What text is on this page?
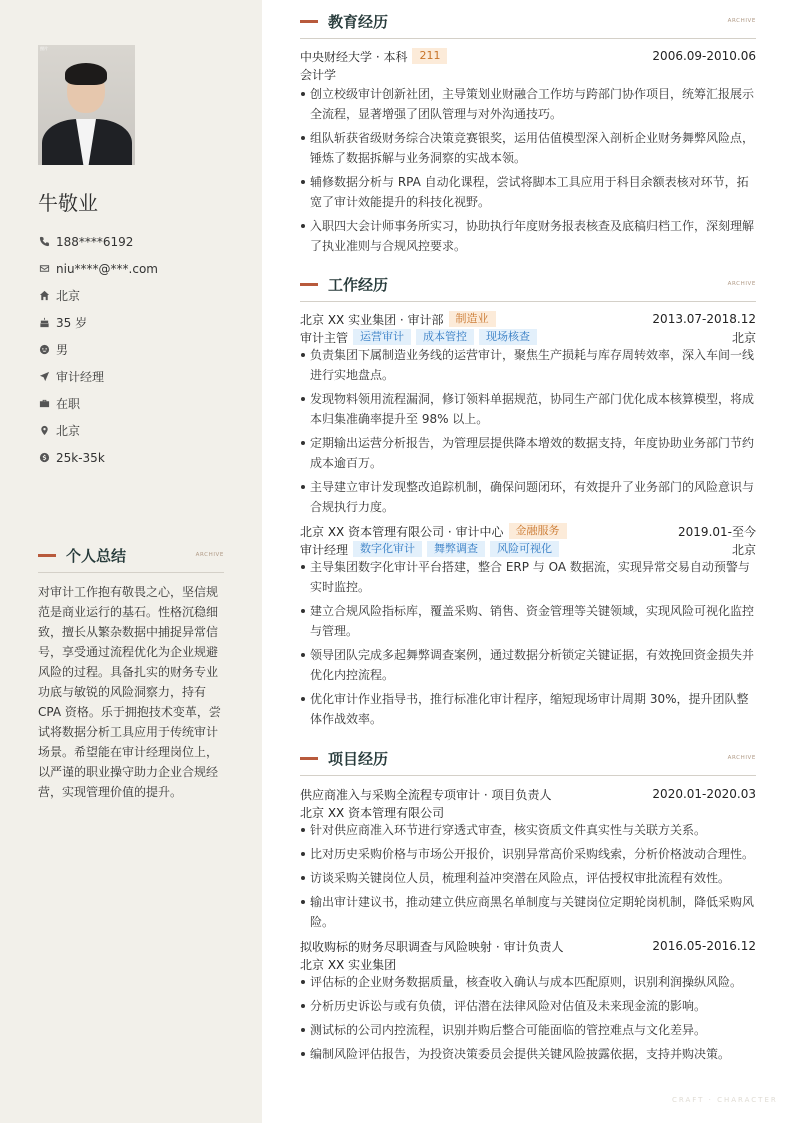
照片
牛敬业
188****6192
niu****@***.com
北京
35 岁
男
审计经理
在职
北京
25k-35k
个人总结	ARCHIVE
对审计工作抱有敬畏之心，坚信规范是商业运行的基石。性格沉稳细致，擅长从繁杂数据中捕捉异常信号，享受通过流程优化为企业规避风险的过程。具备扎实的财务专业功底与敏锐的风险洞察力，持有 CPA 资格。乐于拥抱技术变革，尝试将数据分析工具应用于传统审计场景。希望能在审计经理岗位上，以严谨的职业操守助力企业合规经营，实现管理价值的提升。
教育经历	ARCHIVE
中央财经大学 · 本科	211	2006.09-2010.06
会计学
创立校级审计创新社团，主导策划业财融合工作坊与跨部门协作项目，统筹汇报展示全流程，显著增强了团队管理与对外沟通技巧。
组队斩获省级财务综合决策竞赛银奖，运用估值模型深入剖析企业财务舞弊风险点，锤炼了数据拆解与业务洞察的实战本领。
辅修数据分析与 RPA 自动化课程，尝试将脚本工具应用于科目余额表核对环节，拓宽了审计效能提升的科技化视野。
入职四大会计师事务所实习，协助执行年度财务报表核查及底稿归档工作，深刻理解了执业准则与合规风控要求。
工作经历	ARCHIVE
北京 XX 实业集团 · 审计部	制造业	2013.07-2018.12
审计主管	运营审计	成本管控	现场核查	北京
负责集团下属制造业务线的运营审计，聚焦生产损耗与库存周转效率，深入车间一线进行实地盘点。
发现物料领用流程漏洞，修订领料单据规范，协同生产部门优化成本核算模型，将成本归集准确率提升至 98% 以上。
定期输出运营分析报告，为管理层提供降本增效的数据支持，年度协助业务部门节约成本逾百万。
主导建立审计发现整改追踪机制，确保问题闭环，有效提升了业务部门的风险意识与合规执行力度。
北京 XX 资本管理有限公司 · 审计中心	金融服务	2019.01-至今
审计经理	数字化审计	舞弊调查	风险可视化	北京
主导集团数字化审计平台搭建，整合 ERP 与 OA 数据流，实现异常交易自动预警与实时监控。
建立合规风险指标库，覆盖采购、销售、资金管理等关键领域，实现风险可视化监控与管理。
领导团队完成多起舞弊调查案例，通过数据分析锁定关键证据，有效挽回资金损失并优化内控流程。
优化审计作业指导书，推行标准化审计程序，缩短现场审计周期 30%，提升团队整体作战效率。
项目经历	ARCHIVE
供应商准入与采购全流程专项审计 · 项目负责人	2020.01-2020.03
北京 XX 资本管理有限公司
针对供应商准入环节进行穿透式审查，核实资质文件真实性与关联方关系。
比对历史采购价格与市场公开报价，识别异常高价采购线索，分析价格波动合理性。
访谈采购关键岗位人员，梳理利益冲突潜在风险点，评估授权审批流程有效性。
输出审计建议书，推动建立供应商黑名单制度与关键岗位定期轮岗机制，降低采购风险。
拟收购标的财务尽职调查与风险映射 · 审计负责人	2016.05-2016.12
北京 XX 实业集团
评估标的企业财务数据质量，核查收入确认与成本匹配原则，识别利润操纵风险。
分析历史诉讼与或有负债，评估潜在法律风险对估值及未来现金流的影响。
测试标的公司内控流程，识别并购后整合可能面临的管控难点与文化差异。
编制风险评估报告，为投资决策委员会提供关键风险披露依据，支持并购决策。
CRAFT · CHARACTER
